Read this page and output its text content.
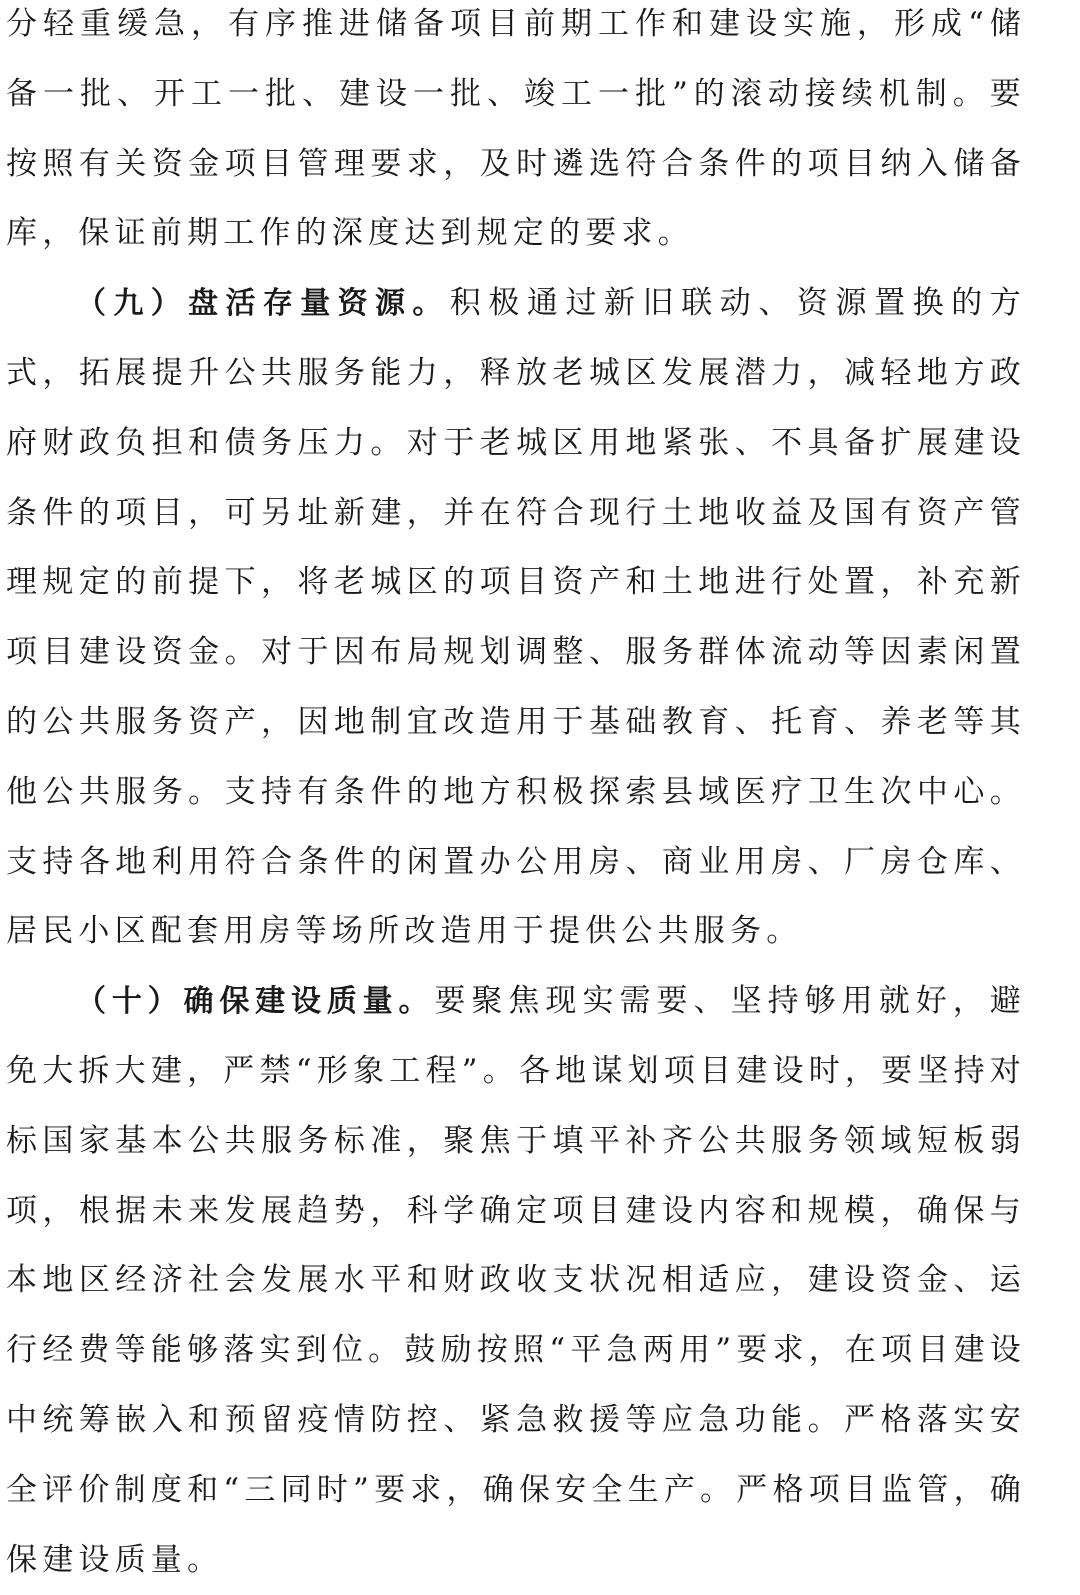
分轻重缓急，有序推进储备项目前期工作和建设实施，形成“储备一批、开工一批、建设一批、竣工一批”的滚动接续机制。要按照有关资金项目管理要求，及时遴选符合条件的项目纳入储备库，保证前期工作的深度达到规定的要求。

（九）盘活存量资源。积极通过新旧联动、资源置换的方式，拓展提升公共服务能力，释放老城区发展潜力，减轻地方政府财政负担和债务压力。对于老城区用地紧张、不具备扩展建设条件的项目，可另址新建，并在符合现行土地收益及国有资产管理规定的前提下，将老城区的项目资产和土地进行处置，补充新项目建设资金。对于因布局规划调整、服务群体流动等因素闲置的公共服务资产，因地制宜改造用于基础教育、托育、养老等其他公共服务。支持有条件的地方积极探索县域医疗卫生次中心。支持各地利用符合条件的闲置办公用房、商业用房、厂房仓库、居民小区配套用房等场所改造用于提供公共服务。

（十）确保建设质量。要聚焦现实需要、坚持够用就好，避免大拆大建，严禁“形象工程”。各地谋划项目建设时，要坚持对标国家基本公共服务标准，聚焦于填平补齐公共服务领域短板弱项，根据未来发展趋势，科学确定项目建设内容和规模，确保与本地区经济社会发展水平和财政收支状况相适应，建设资金、运行经费等能够落实到位。鼓励按照“平急两用”要求，在项目建设中统筹嵌入和预留疫情防控、紧急救援等应急功能。严格落实安全评价制度和“三同时”要求，确保安全生产。严格项目监管，确保建设质量。
